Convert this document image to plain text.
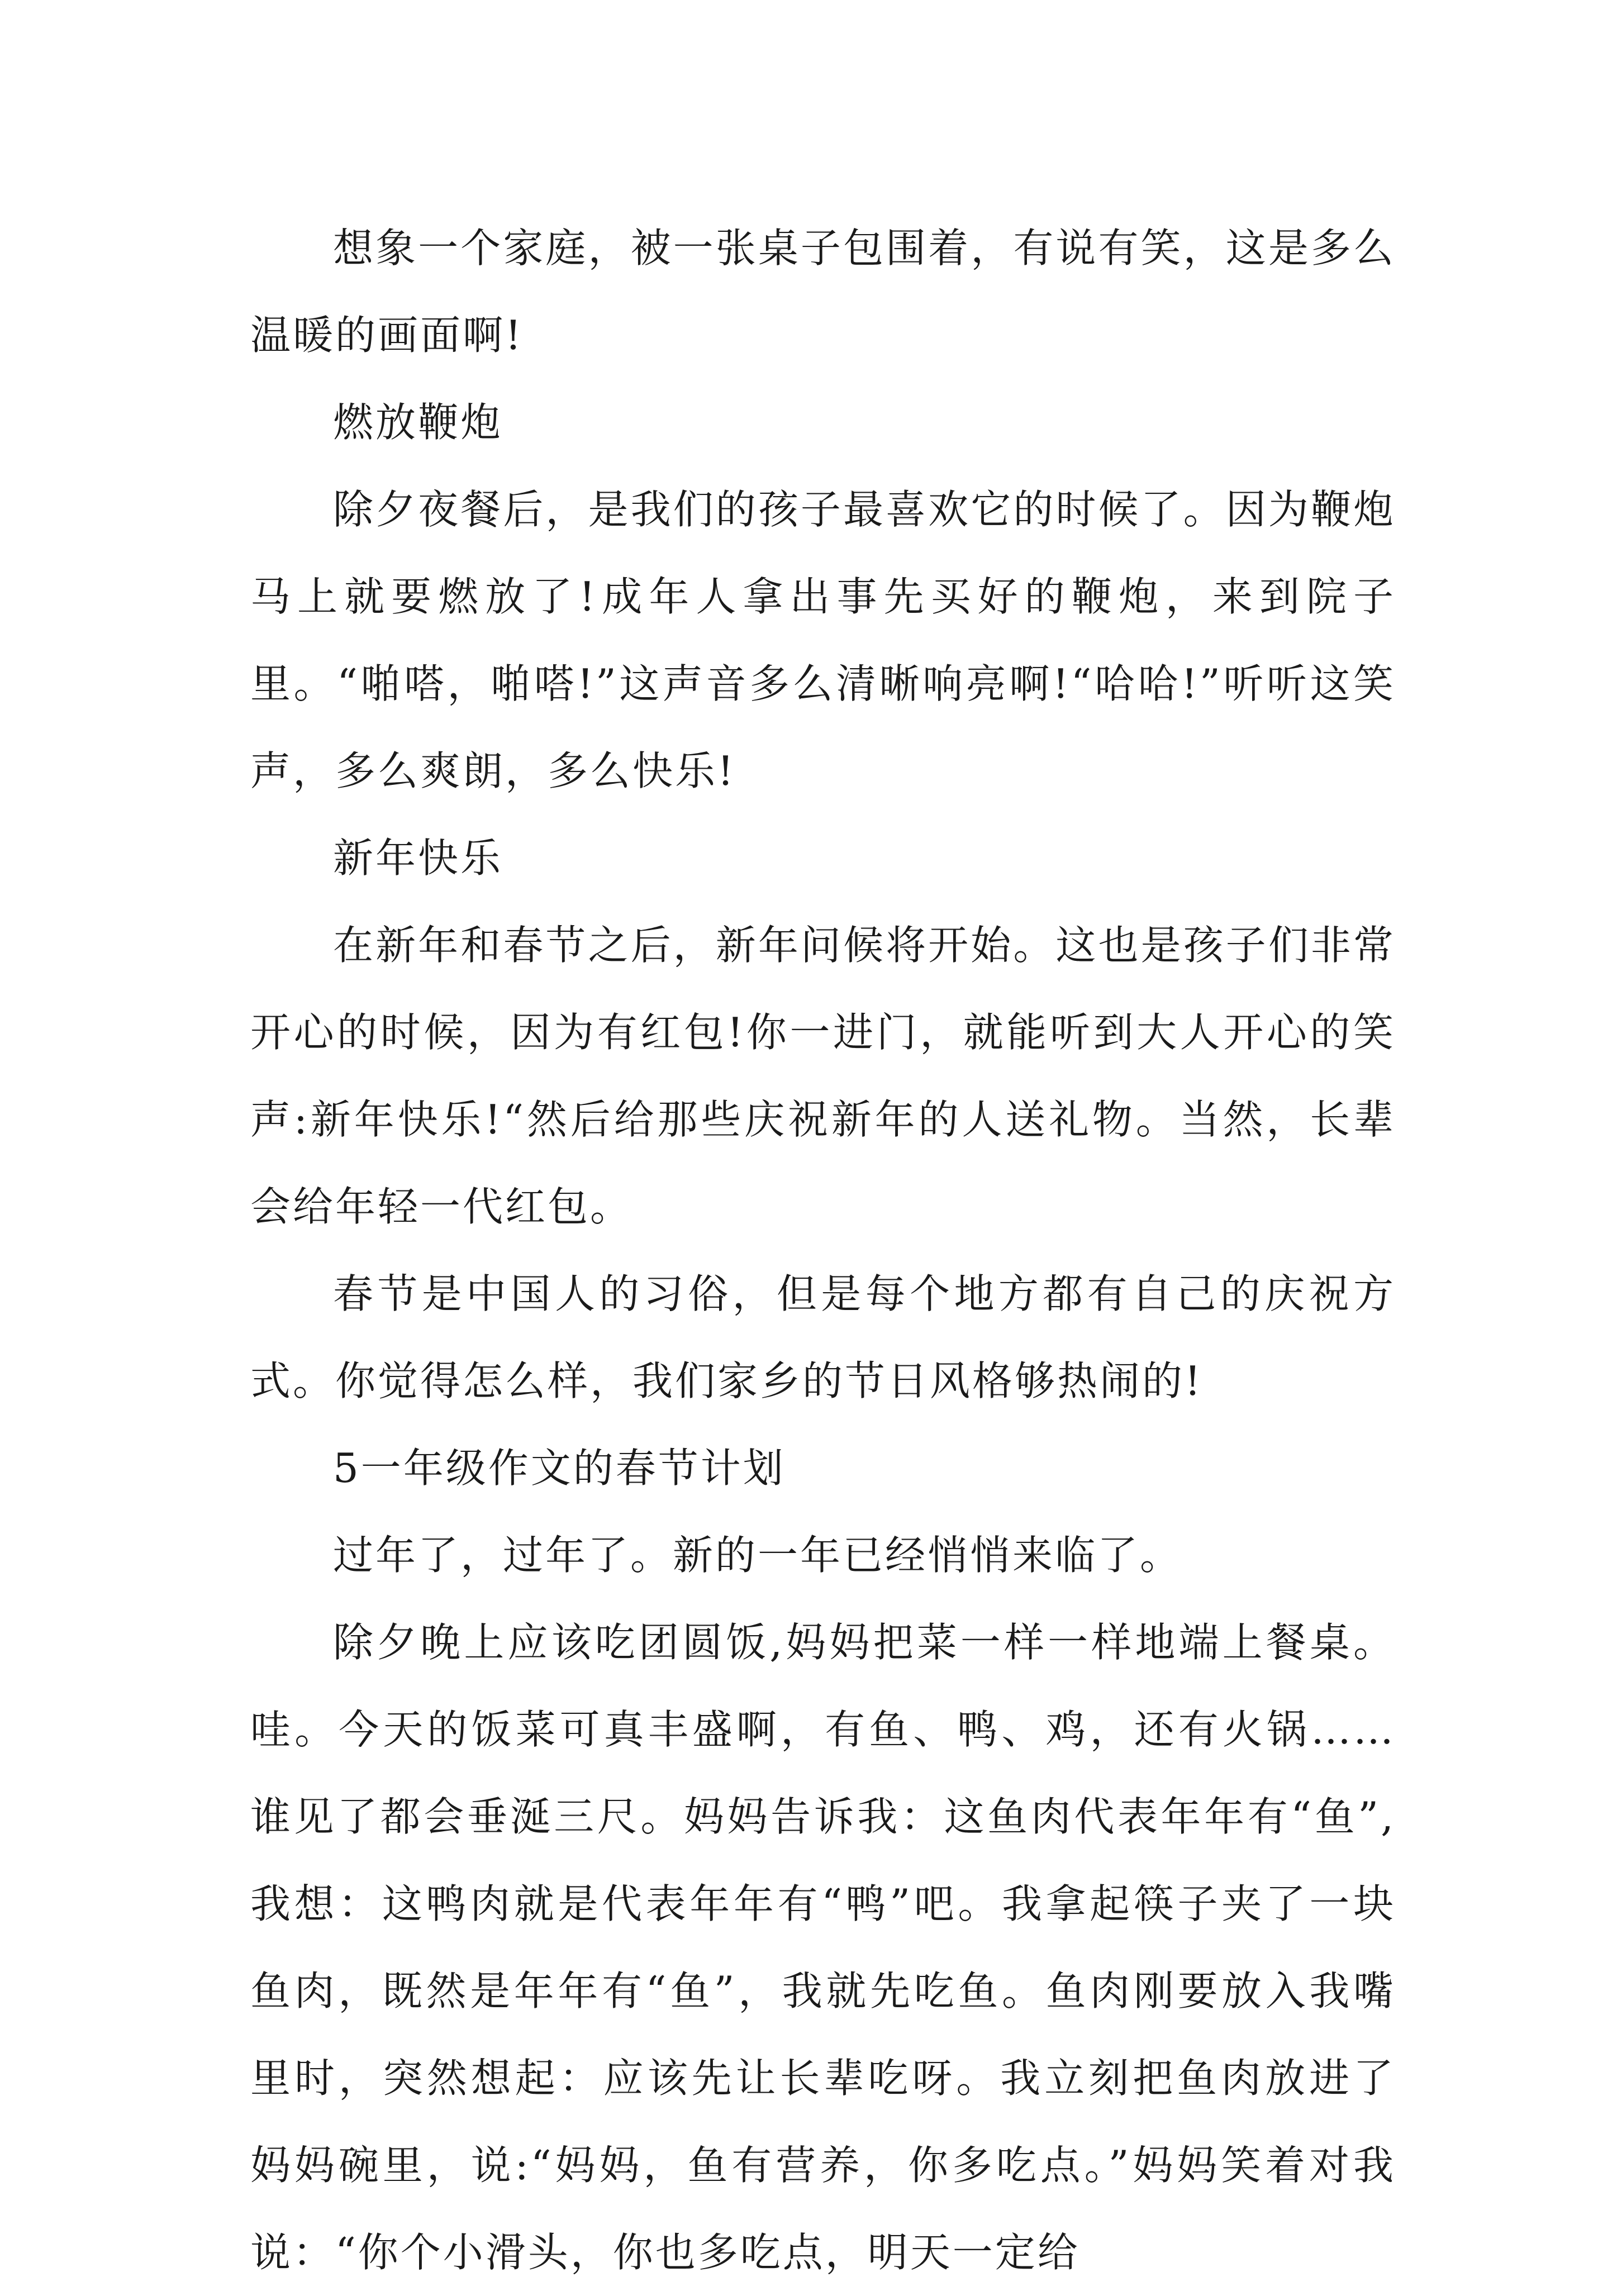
想象一个家庭，被一张桌子包围着，有说有笑，这是多么温暖的画面啊!

燃放鞭炮

除夕夜餐后，是我们的孩子最喜欢它的时候了。因为鞭炮马上就要燃放了!成年人拿出事先买好的鞭炮，来到院子里。“啪嗒，啪嗒!”这声音多么清晰响亮啊!“哈哈!”听听这笑声，多么爽朗，多么快乐!

新年快乐

在新年和春节之后，新年问候将开始。这也是孩子们非常开心的时候，因为有红包!你一进门，就能听到大人开心的笑声:新年快乐!“然后给那些庆祝新年的人送礼物。当然，长辈会给年轻一代红包。

春节是中国人的习俗，但是每个地方都有自己的庆祝方式。你觉得怎么样，我们家乡的节日风格够热闹的!

5一年级作文的春节计划

过年了，过年了。新的一年已经悄悄来临了。

除夕晚上应该吃团圆饭,妈妈把菜一样一样地端上餐桌。哇。今天的饭菜可真丰盛啊，有鱼、鸭、鸡，还有火锅……谁见了都会垂涎三尺。妈妈告诉我：这鱼肉代表年年有“鱼”,我想：这鸭肉就是代表年年有“鸭”吧。我拿起筷子夹了一块鱼肉，既然是年年有“鱼”，我就先吃鱼。鱼肉刚要放入我嘴里时，突然想起：应该先让长辈吃呀。我立刻把鱼肉放进了妈妈碗里，说:“妈妈，鱼有营养，你多吃点。”妈妈笑着对我说：“你个小滑头，你也多吃点，明天一定给
